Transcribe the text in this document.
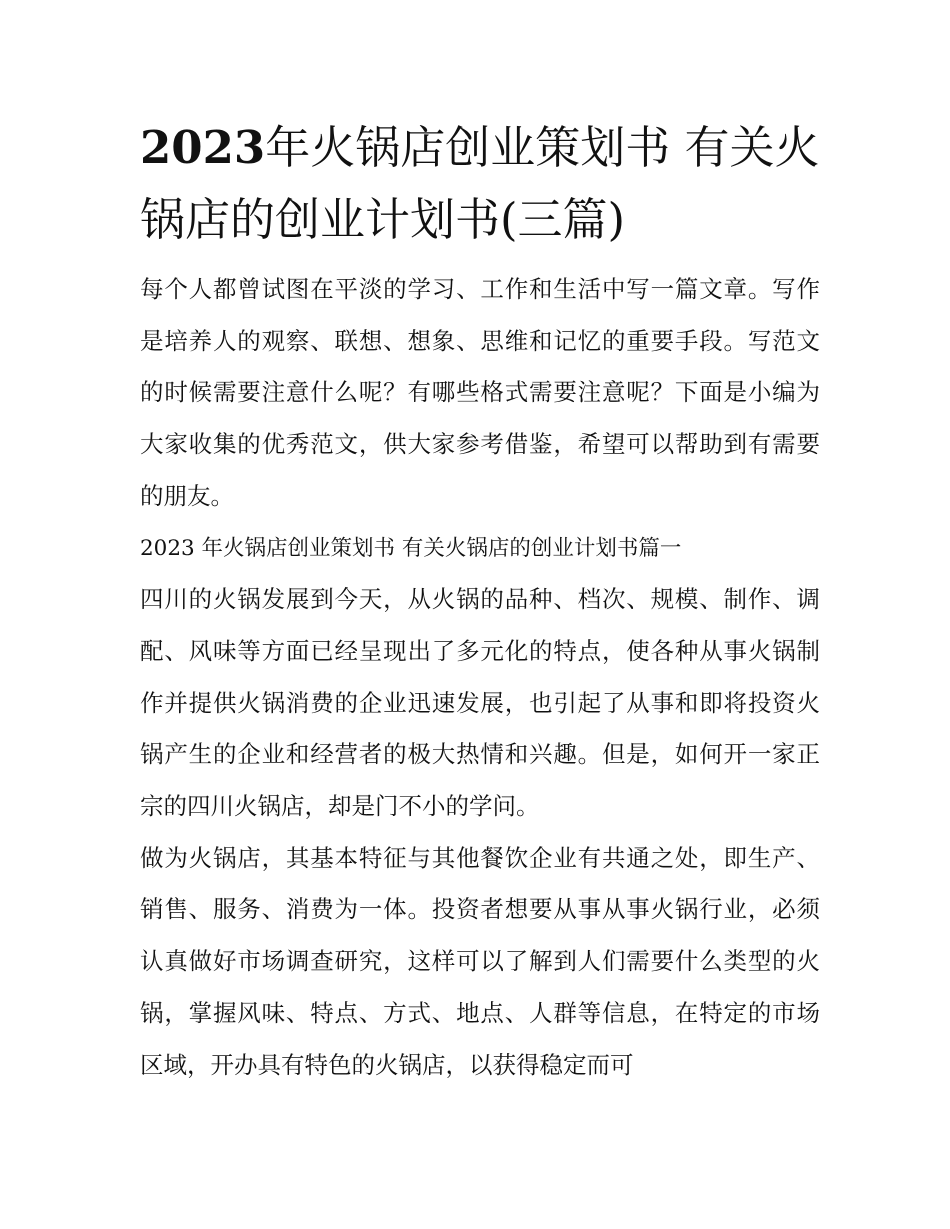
2023年火锅店创业策划书 有关火锅店的创业计划书(三篇)

每个人都曾试图在平淡的学习、工作和生活中写一篇文章。写作是培养人的观察、联想、想象、思维和记忆的重要手段。写范文的时候需要注意什么呢？有哪些格式需要注意呢？下面是小编为大家收集的优秀范文，供大家参考借鉴，希望可以帮助到有需要的朋友。

2023 年火锅店创业策划书 有关火锅店的创业计划书篇一

四川的火锅发展到今天，从火锅的品种、档次、规模、制作、调配、风味等方面已经呈现出了多元化的特点，使各种从事火锅制作并提供火锅消费的企业迅速发展，也引起了从事和即将投资火锅产生的企业和经营者的极大热情和兴趣。但是，如何开一家正宗的四川火锅店，却是门不小的学问。

做为火锅店，其基本特征与其他餐饮企业有共通之处，即生产、销售、服务、消费为一体。投资者想要从事从事火锅行业，必须认真做好市场调查研究，这样可以了解到人们需要什么类型的火锅，掌握风味、特点、方式、地点、人群等信息，在特定的市场区域，开办具有特色的火锅店，以获得稳定而可
